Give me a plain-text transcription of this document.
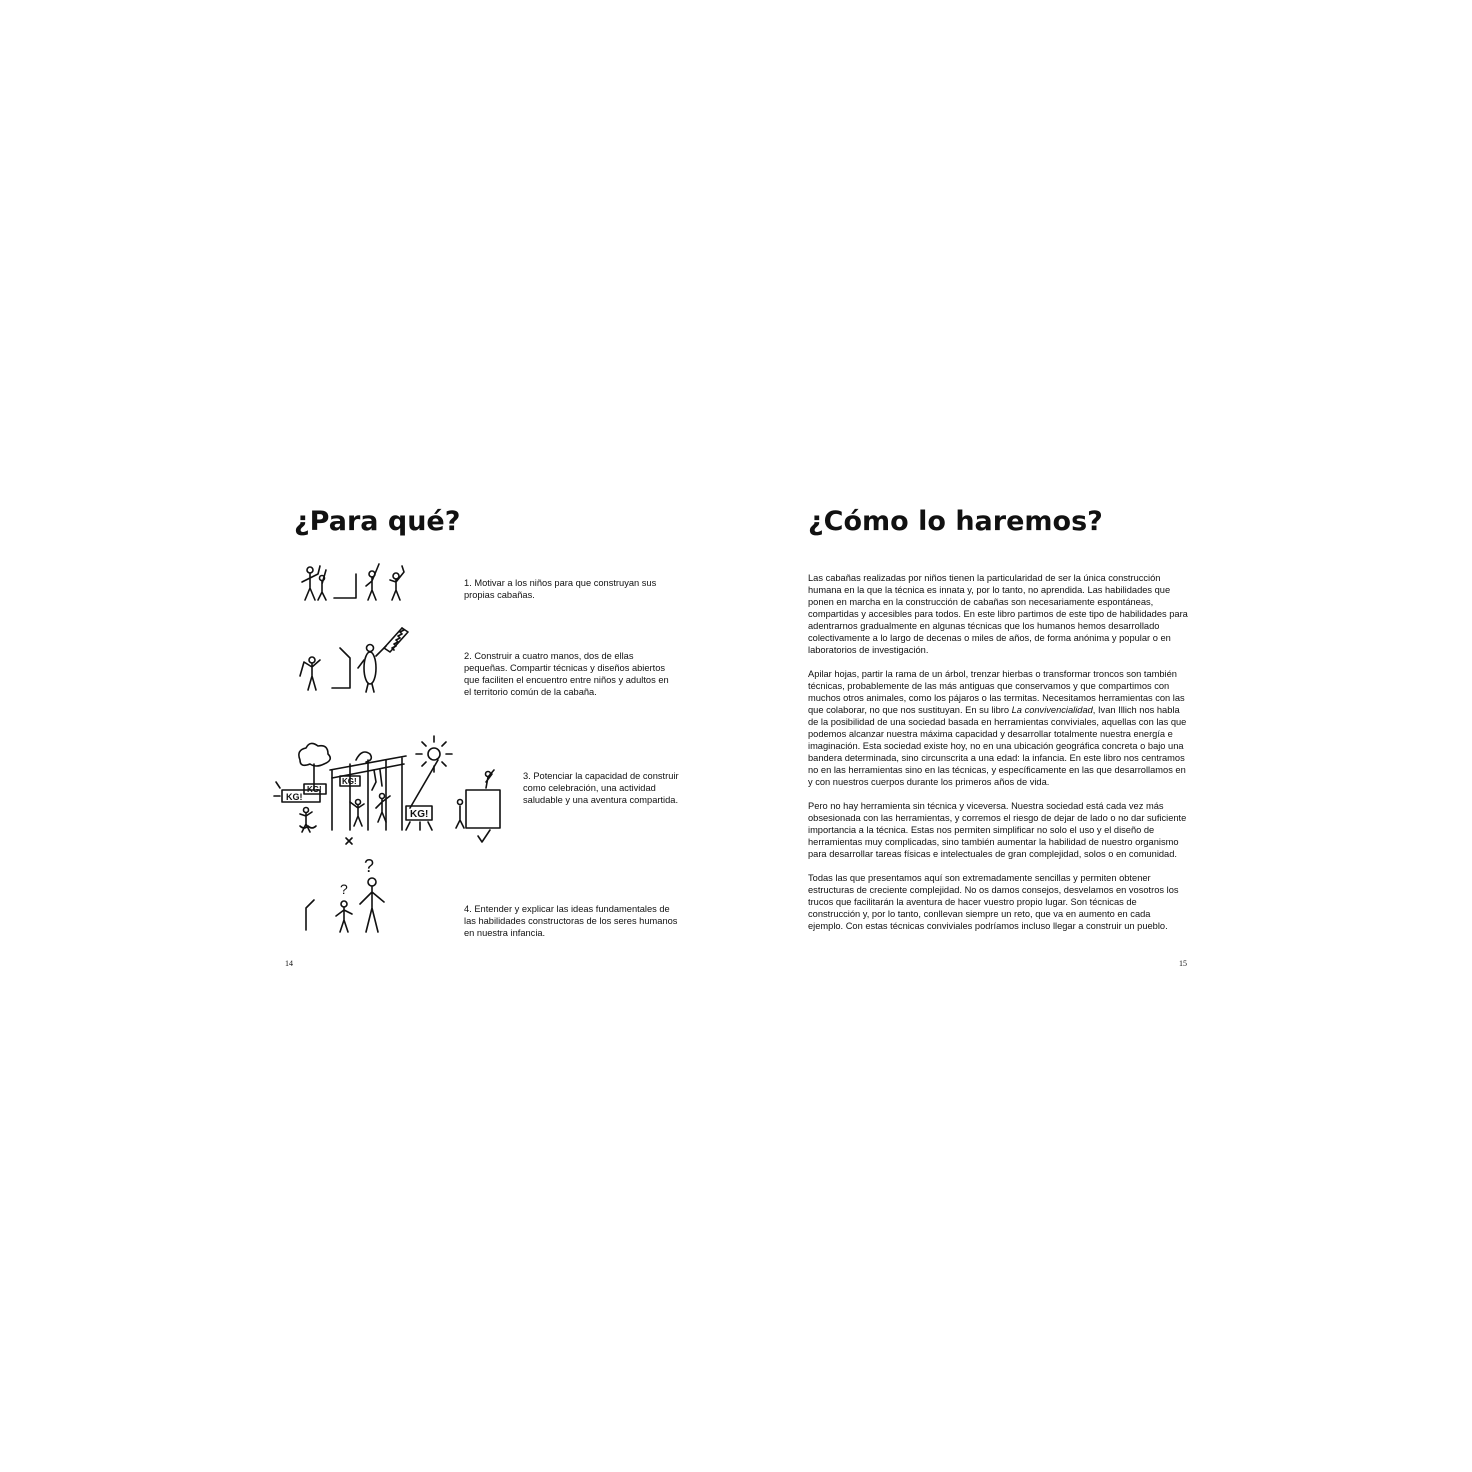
¿Para qué?
KG!
KG!
KG!
KG!
?
?

1. Motivar a los niños para que construyan sus propias cabañas.

2. Construir a cuatro manos, dos de ellas pequeñas. Compartir técnicas y diseños abiertos que faciliten el encuentro entre niños y adultos en el territorio común de la cabaña.

3. Potenciar la capacidad de construir como celebración, una actividad saludable y una aventura compartida.

4. Entender y explicar las ideas fundamentales de las habilidades constructoras de los seres humanos en nuestra infancia.

14
¿Cómo lo haremos?

Las cabañas realizadas por niños tienen la particularidad de ser la única construcción humana en la que la técnica es innata y, por lo tanto, no aprendida. Las habilidades que ponen en marcha en la construcción de cabañas son necesariamente espontáneas, compartidas y accesibles para todos. En este libro partimos de este tipo de habilidades para adentrarnos gradualmente en algunas técnicas que los humanos hemos desarrollado colectivamente a lo largo de decenas o miles de años, de forma anónima y popular o en laboratorios de investigación.

Apilar hojas, partir la rama de un árbol, trenzar hierbas o transformar troncos son también técnicas, probablemente de las más antiguas que conservamos y que compartimos con muchos otros animales, como los pájaros o las termitas. Necesitamos herramientas con las que colaborar, no que nos sustituyan. En su libro La convivencialidad, Ivan Illich nos habla de la posibilidad de una sociedad basada en herramientas conviviales, aquellas con las que podemos alcanzar nuestra máxima capacidad y desarrollar totalmente nuestra energía e imaginación. Esta sociedad existe hoy, no en una ubicación geográfica concreta o bajo una bandera determinada, sino circunscrita a una edad: la infancia. En este libro nos centramos no en las herramientas sino en las técnicas, y específicamente en las que desarrollamos en y con nuestros cuerpos durante los primeros años de vida.

Pero no hay herramienta sin técnica y viceversa. Nuestra sociedad está cada vez más obsesionada con las herramientas, y corremos el riesgo de dejar de lado o no dar suficiente importancia a la técnica. Estas nos permiten simplificar no solo el uso y el diseño de herramientas muy complicadas, sino también aumentar la habilidad de nuestro organismo para desarrollar tareas físicas e intelectuales de gran complejidad, solos o en comunidad.

Todas las que presentamos aquí son extremadamente sencillas y permiten obtener estructuras de creciente complejidad. No os damos consejos, desvelamos en vosotros los trucos que facilitarán la aventura de hacer vuestro propio lugar. Son técnicas de construcción y, por lo tanto, conllevan siempre un reto, que va en aumento en cada ejemplo. Con estas técnicas conviviales podríamos incluso llegar a construir un pueblo.

15
